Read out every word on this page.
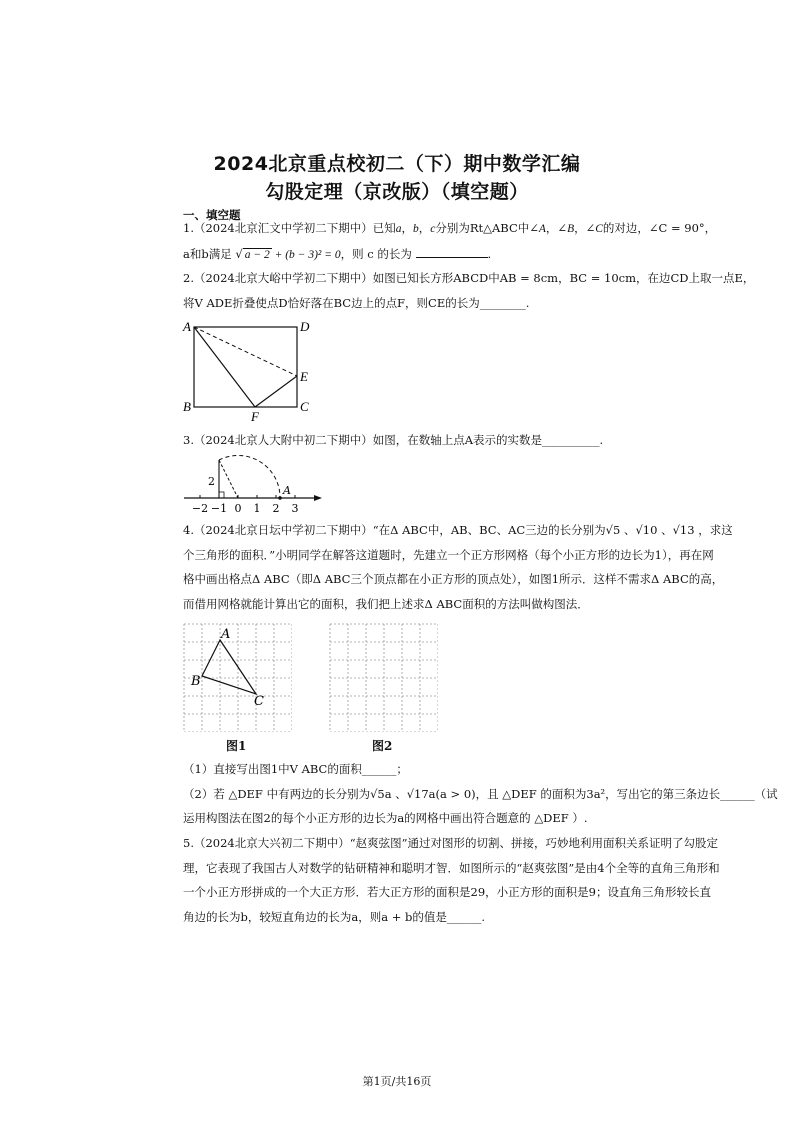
2024北京重点校初二（下）期中数学汇编
勾股定理（京改版）（填空题）
一、填空题

1.（2024北京汇文中学初二下期中）已知a，b，c分别为Rt△ABC中∠A，∠B，∠C的对边，∠C = 90°，

a和b满足 √ a − 2 + (b − 3)² = 0，则 c 的长为	.

2.（2024北京大峪中学初二下期中）如图已知长方形ABCD中AB = 8cm，BC = 10cm，在边CD上取一点E，

将V ADE折叠使点D恰好落在BC边上的点F，则CE的长为________.

A	D
B	C
E
F

3.（2024北京人大附中初二下期中）如图，在数轴上点A表示的实数是__________.

2
A
−2 −1 0 1 2 3

4.（2024北京日坛中学初二下期中）“在Δ ABC中，AB、BC、AC三边的长分别为√5 、√10 、√13 ，求这

个三角形的面积．”小明同学在解答这道题时，先建立一个正方形网格（每个小正方形的边长为1），再在网

格中画出格点Δ ABC（即Δ ABC三个顶点都在小正方形的顶点处），如图1所示．这样不需求Δ ABC的高，

而借用网格就能计算出它的面积，我们把上述求Δ ABC面积的方法叫做构图法．

A
B
C
图1	图2

（1）直接写出图1中V ABC的面积______；

（2）若 △DEF 中有两边的长分别为√5a 、√17a(a > 0)，且 △DEF 的面积为3a²，写出它的第三条边长______（试

运用构图法在图2的每个小正方形的边长为a的网格中画出符合题意的 △DEF ）.

5.（2024北京大兴初二下期中）“赵爽弦图”通过对图形的切割、拼接，巧妙地利用面积关系证明了勾股定

理，它表现了我国古人对数学的钻研精神和聪明才智．如图所示的“赵爽弦图”是由4个全等的直角三角形和

一个小正方形拼成的一个大正方形．若大正方形的面积是29，小正方形的面积是9；设直角三角形较长直

角边的长为b，较短直角边的长为a，则a + b的值是______.

第1页/共16页
